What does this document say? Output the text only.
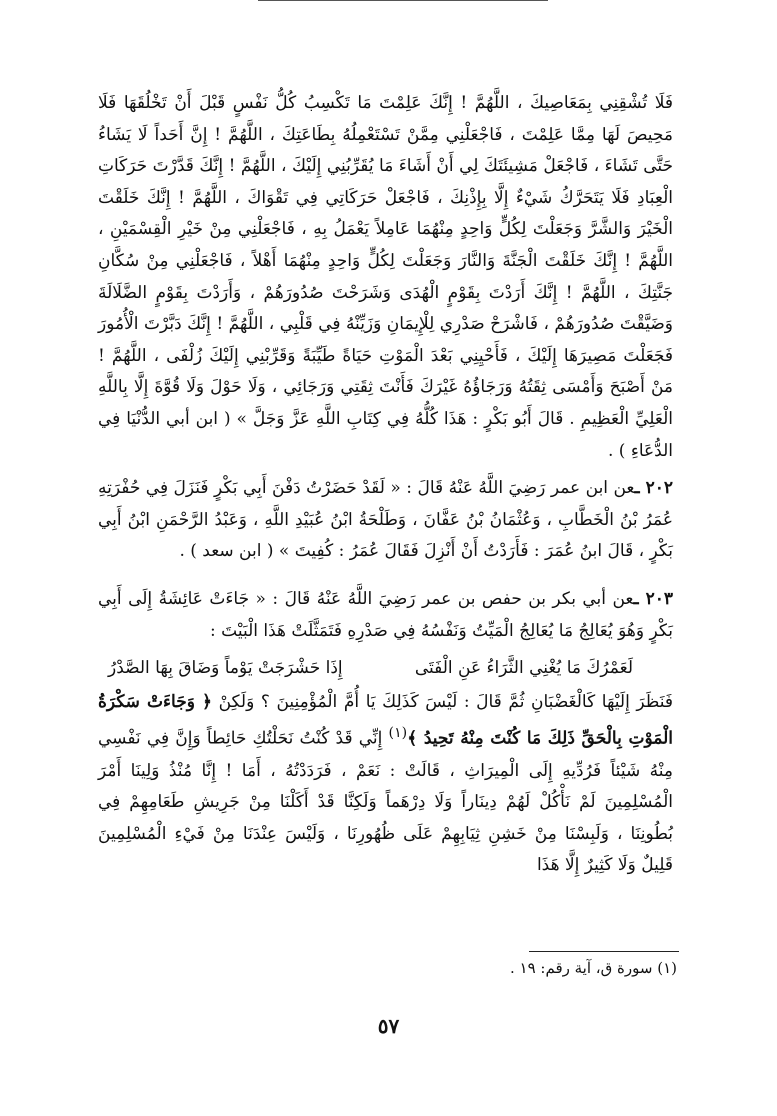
فَلَا تُشْقِنِي بِمَعَاصِيكَ ، اللَّهُمَّ ! إِنَّكَ عَلِمْتَ مَا تَكْسِبُ كُلُّ نَفْسٍ قَبْلَ أَنْ تَخْلُقَهَا فَلَا مَحِيصَ لَهَا مِمَّا عَلِمْتَ ، فَاجْعَلْنِي مِمَّنْ تَسْتَعْمِلُهُ بِطَاعَتِكَ ، اللَّهُمَّ ! إِنَّ أَحَداً لَا يَشَاءُ حَتَّى تَشَاءَ ، فَاجْعَلْ مَشِيئَتَكَ لِي أَنْ أَشَاءَ مَا يُقَرِّبُنِي إِلَيْكَ ، اللَّهُمَّ ! إِنَّكَ قَدَّرْتَ حَرَكَاتِ الْعِبَادِ فَلَا يَتَحَرَّكُ شَيْءٌ إِلَّا بِإِذْنِكَ ، فَاجْعَلْ حَرَكَاتِي فِي تَقْوَاكَ ، اللَّهُمَّ ! إِنَّكَ خَلَقْتَ الْخَيْرَ وَالشَّرَّ وَجَعَلْتَ لِكُلٍّ وَاحِدٍ مِنْهُمَا عَامِلاً يَعْمَلُ بِهِ ، فَاجْعَلْنِي مِنْ خَيْرِ الْقِسْمَيْنِ ، اللَّهُمَّ ! إِنَّكَ خَلَقْتَ الْجَنَّةَ وَالنَّارَ وَجَعَلْتَ لِكُلٍّ وَاحِدٍ مِنْهُمَا أَهْلاً ، فَاجْعَلْنِي مِنْ سُكَّانِ جَنَّتِكَ ، اللَّهُمَّ ! إِنَّكَ أَرَدْتَ بِقَوْمٍ الْهُدَى وَشَرَحْتَ صُدُورَهُمْ ، وَأَرَدْتَ بِقَوْمٍ الضَّلَالَةَ وَضَيَّقْتَ صُدُورَهُمْ ، فَاشْرَحْ صَدْرِي لِلْإِيمَانِ وَزَيِّنْهُ فِي قَلْبِي ، اللَّهُمَّ ! إِنَّكَ دَبَّرْتَ الْأُمُورَ فَجَعَلْتَ مَصِيرَهَا إِلَيْكَ ، فَأَحْيِنِي بَعْدَ الْمَوْتِ حَيَاةً طَيِّبَةً وَقَرِّبْنِي إِلَيْكَ زُلْفَى ، اللَّهُمَّ ! مَنْ أَصْبَحَ وَأَمْسَى ثِقَتُهُ وَرَجَاؤُهُ غَيْرَكَ فَأَنْتَ ثِقَتِي وَرَجَائِي ، وَلَا حَوْلَ وَلَا قُوَّةَ إِلَّا بِاللَّهِ الْعَلِيِّ الْعَظِيمِ . قَالَ أَبُو بَكْرٍ : هَذَا كُلُّهُ فِي كِتَابِ اللَّهِ عَزَّ وَجَلَّ » ( ابن أبي الدُّنْيَا فِي الدُّعَاءِ ) .

٢٠٢ ـعن ابن عمر رَضِيَ اللَّهُ عَنْهُ قَالَ : « لَقَدْ حَضَرْتُ دَفْنَ أَبِي بَكْرٍ فَنَزَلَ فِي حُفْرَتِهِ عُمَرُ بْنُ الْخَطَّابِ ، وَعُثْمَانُ بْنُ عَفَّانَ ، وَطَلْحَةُ ابْنُ عُبَيْدِ اللَّهِ ، وَعَبْدُ الرَّحْمَنِ ابْنُ أَبِي بَكْرٍ ، قَالَ ابنُ عُمَرَ : فَأَرَدْتُ أَنْ أَنْزِلَ فَقَالَ عُمَرُ : كُفِيتَ » ( ابن سعد ) .

٢٠٣ ـعن أبي بكر بن حفص بن عمر رَضِيَ اللَّهُ عَنْهُ قَالَ : « جَاءَتْ عَائِشَةُ إِلَى أَبِي بَكْرٍ وَهُوَ يُعَالِجُ مَا يُعَالِجُ الْمَيِّتُ وَنَفْسُهُ فِي صَدْرِهِ فَتَمَثَّلَتْ هَذَا الْبَيْتَ :

لَعَمْرُكَ مَا يُغْنِي الثَّرَاءُ عَنِ الْفَتَى
إِذَا حَشْرَجَتْ يَوْماً وَضَاقَ بِهَا الصَّدْرُ

فَنَظَرَ إِلَيْهَا كَالْغَضْبَانِ ثُمَّ قَالَ : لَيْسَ كَذَلِكَ يَا أُمَّ الْمُؤْمِنِينَ ؟ وَلَكِنْ ﴿ وَجَاءَتْ سَكْرَةُ الْمَوْتِ بِالْحَقِّ ذَلِكَ مَا كُنْتَ مِنْهُ تَحِيدُ ﴾$^{(١)}$ إِنِّي قَدْ كُنْتُ نَحَلْتُكِ حَائِطاً وَإِنَّ فِي نَفْسِي مِنْهُ شَيْئاً فَرُدِّيهِ إِلَى الْمِيرَاثِ ، قَالَتْ : نَعَمْ ، فَرَدَدْتُهُ ، أَمَا ! إِنَّا مُنْذُ وَلِينَا أَمْرَ الْمُسْلِمِينَ لَمْ نَأْكُلْ لَهُمْ دِينَاراً وَلَا دِرْهَماً وَلَكِنَّا قَدْ أَكَلْنَا مِنْ جَرِيشِ طَعَامِهِمْ فِي بُطُونِنَا ، وَلَبِسْنَا مِنْ خَشِنِ ثِيَابِهِمْ عَلَى ظُهُورِنَا ، وَلَيْسَ عِنْدَنَا مِنْ فَيْءِ الْمُسْلِمِينَ قَلِيلٌ وَلَا كَثِيرٌ إِلَّا هَذَا

(١) سورة ق، آية رقم: ١٩ .
٥٧
